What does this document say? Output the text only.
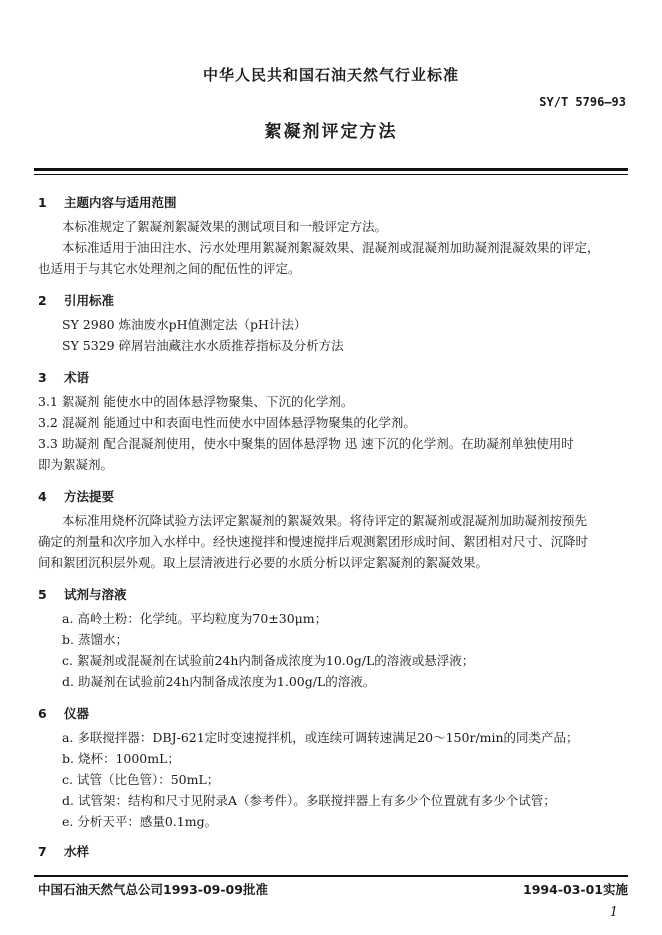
中华人民共和国石油天然气行业标准
SY/T 5796—93
絮凝剂评定方法
1 主题内容与适用范围
本标准规定了絮凝剂絮凝效果的测试项目和一般评定方法。
本标准适用于油田注水、污水处理用絮凝剂絮凝效果、混凝剂或混凝剂加助凝剂混凝效果的评定，
也适用于与其它水处理剂之间的配伍性的评定。
2 引用标准
SY 2980 炼油废水pH值测定法（pH计法）
SY 5329 碎屑岩油藏注水水质推荐指标及分析方法
3 术语
3.1 絮凝剂 能使水中的固体悬浮物聚集、下沉的化学剂。
3.2 混凝剂 能通过中和表面电性而使水中固体悬浮物聚集的化学剂。
3.3 助凝剂 配合混凝剂使用，使水中聚集的固体悬浮物 迅 速下沉的化学剂。在助凝剂单独使用时
即为絮凝剂。
4 方法提要
本标准用烧杯沉降试验方法评定絮凝剂的絮凝效果。将待评定的絮凝剂或混凝剂加助凝剂按预先
确定的剂量和次序加入水样中。经快速搅拌和慢速搅拌后观测絮团形成时间、絮团相对尺寸、沉降时
间和絮团沉积层外观。取上层清液进行必要的水质分析以评定絮凝剂的絮凝效果。
5 试剂与溶液
a. 高岭土粉：化学纯。平均粒度为70±30μm；
b. 蒸馏水；
c. 絮凝剂或混凝剂在试验前24h内制备成浓度为10.0g/L的溶液或悬浮液；
d. 助凝剂在试验前24h内制备成浓度为1.00g/L的溶液。
6 仪器
a. 多联搅拌器：DBJ-621定时变速搅拌机，或连续可调转速满足20～150r/min的同类产品；
b. 烧杯：1000mL；
c. 试管（比色管）：50mL；
d. 试管架：结构和尺寸见附录A（参考件）。多联搅拌器上有多少个位置就有多少个试管；
e. 分析天平：感量0.1mg。
7 水样
中国石油天然气总公司1993-09-09批准	1994-03-01实施
1
